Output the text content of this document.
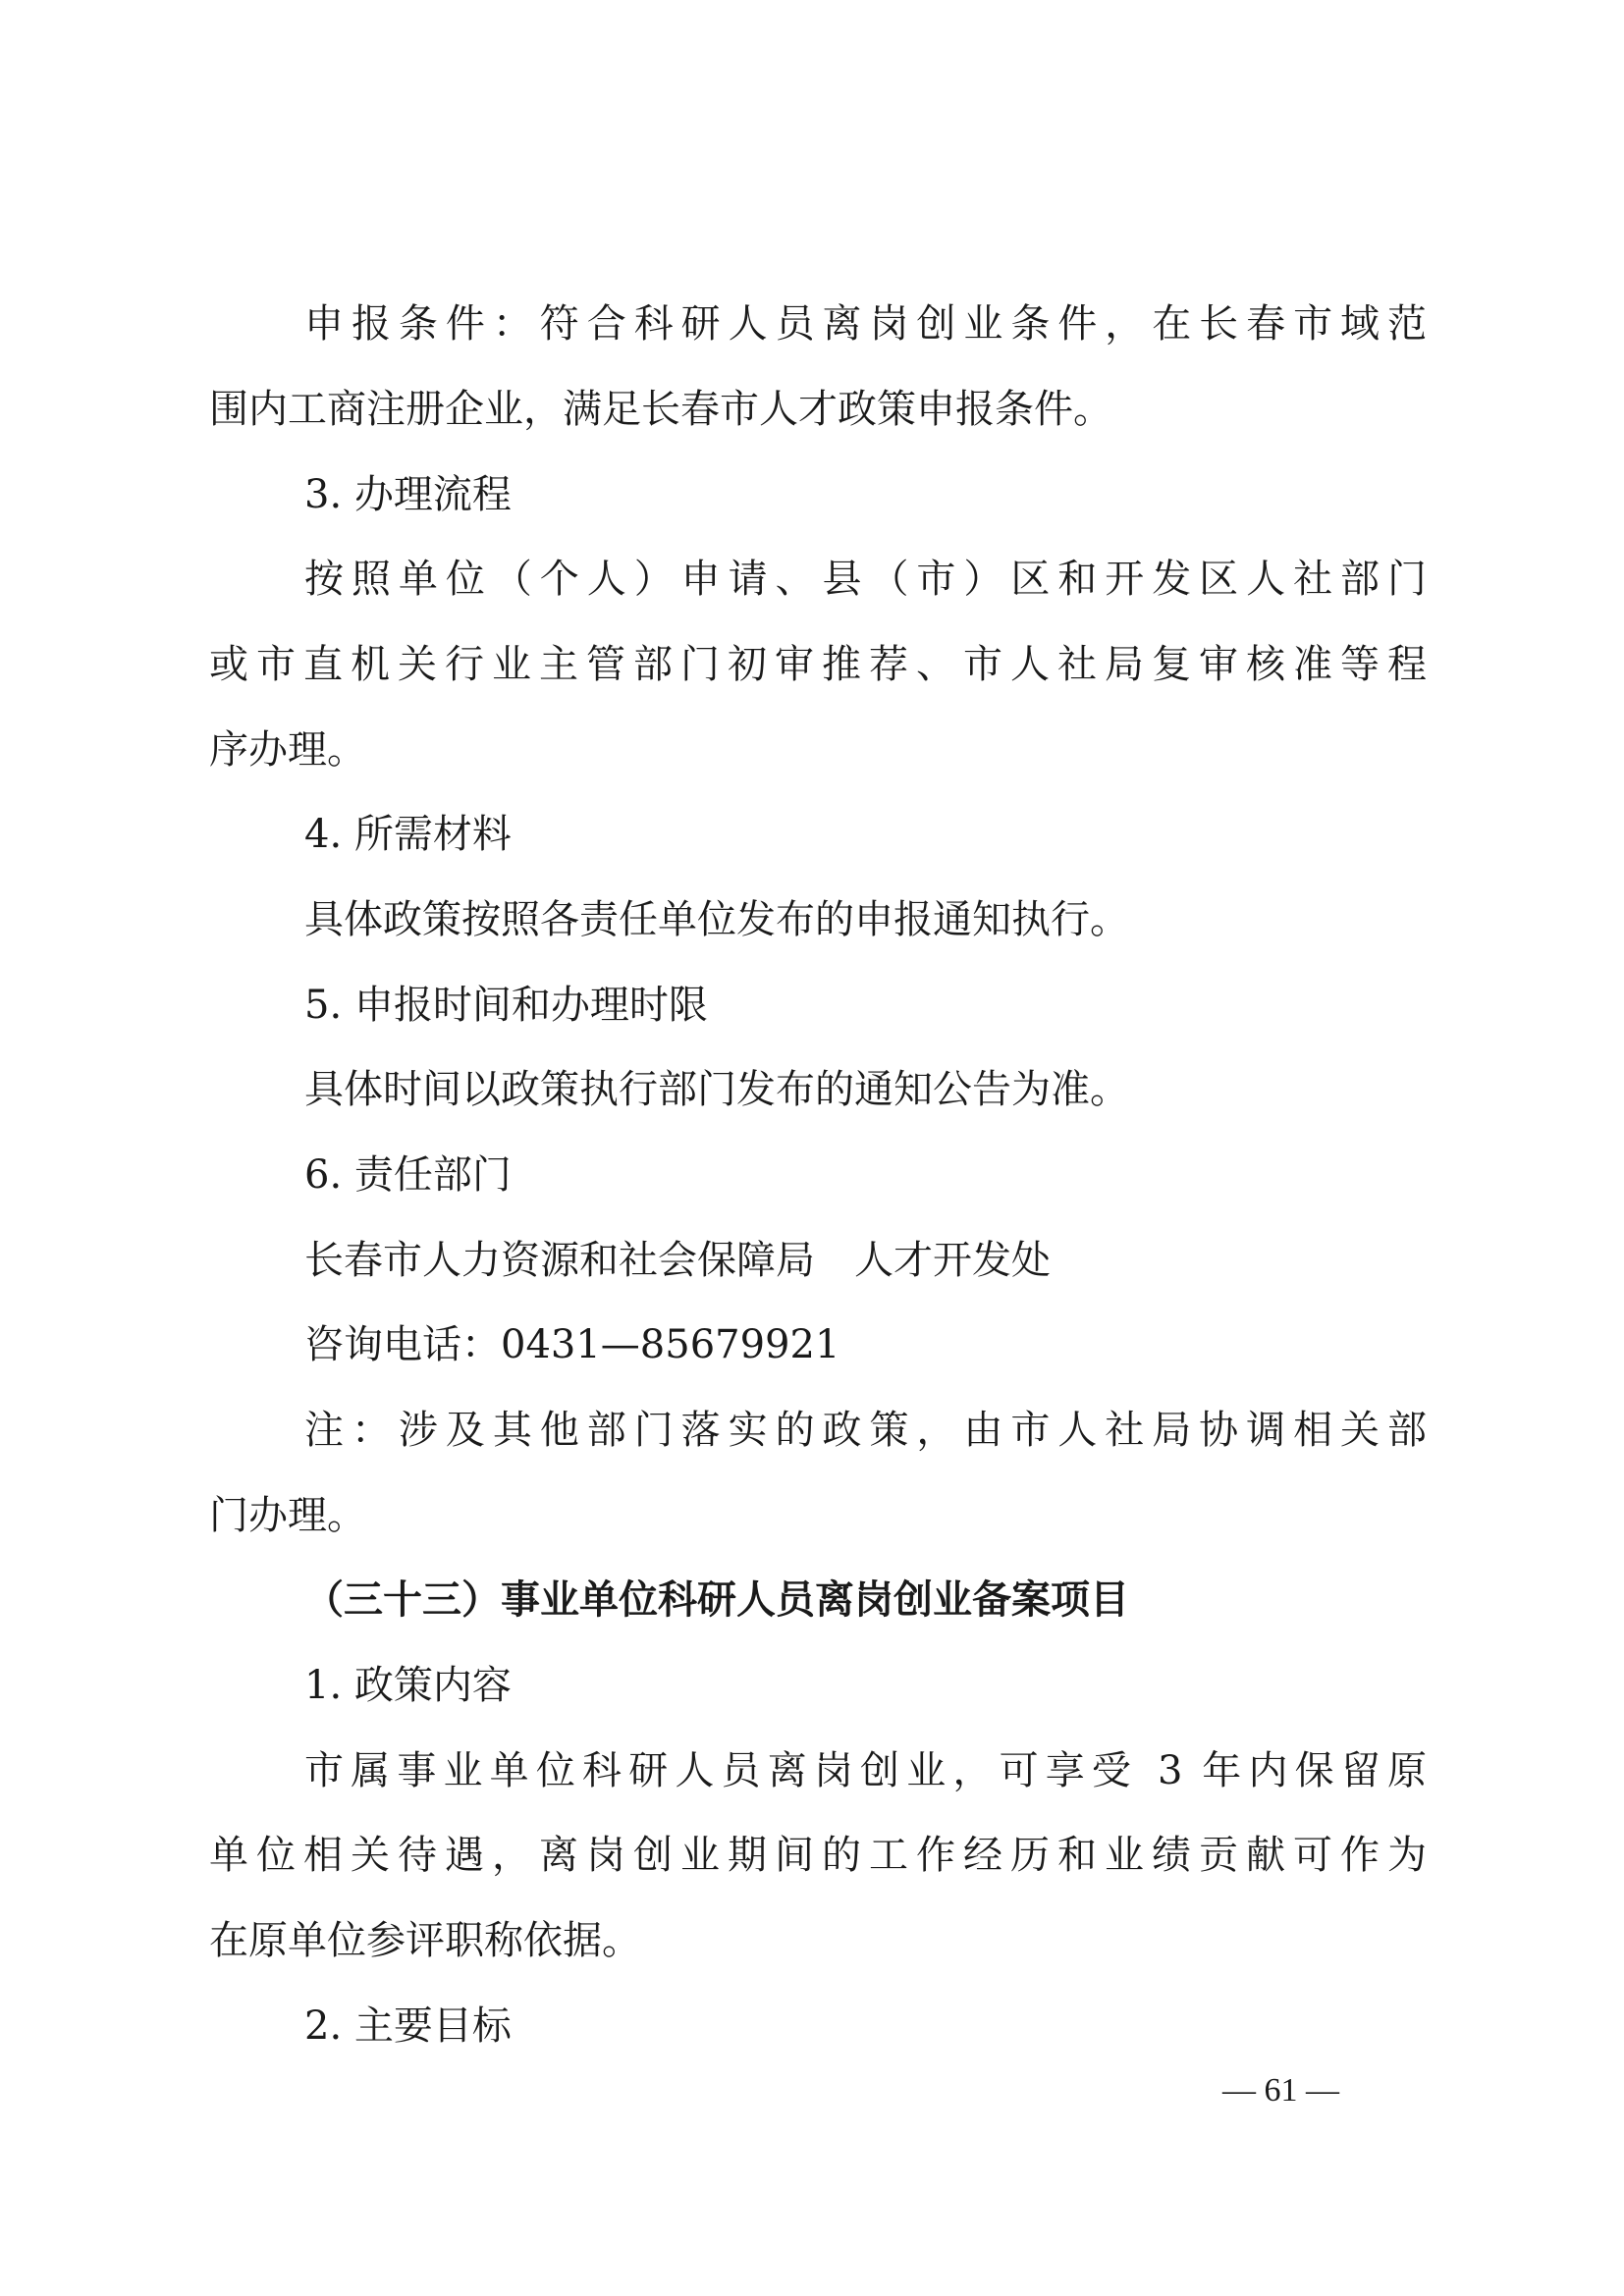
申报条件：符合科研人员离岗创业条件，在长春市域范
围内工商注册企业，满足长春市人才政策申报条件。
3. 办理流程
按照单位（个人）申请、县（市）区和开发区人社部门
或市直机关行业主管部门初审推荐、市人社局复审核准等程
序办理。
4. 所需材料
具体政策按照各责任单位发布的申报通知执行。
5. 申报时间和办理时限
具体时间以政策执行部门发布的通知公告为准。
6. 责任部门
长春市人力资源和社会保障局　人才开发处
咨询电话：0431—85679921
注：涉及其他部门落实的政策，由市人社局协调相关部
门办理。
（三十三）事业单位科研人员离岗创业备案项目
1. 政策内容
市属事业单位科研人员离岗创业，可享受 3 年内保留原
单位相关待遇，离岗创业期间的工作经历和业绩贡献可作为
在原单位参评职称依据。
2. 主要目标
— 61 —
